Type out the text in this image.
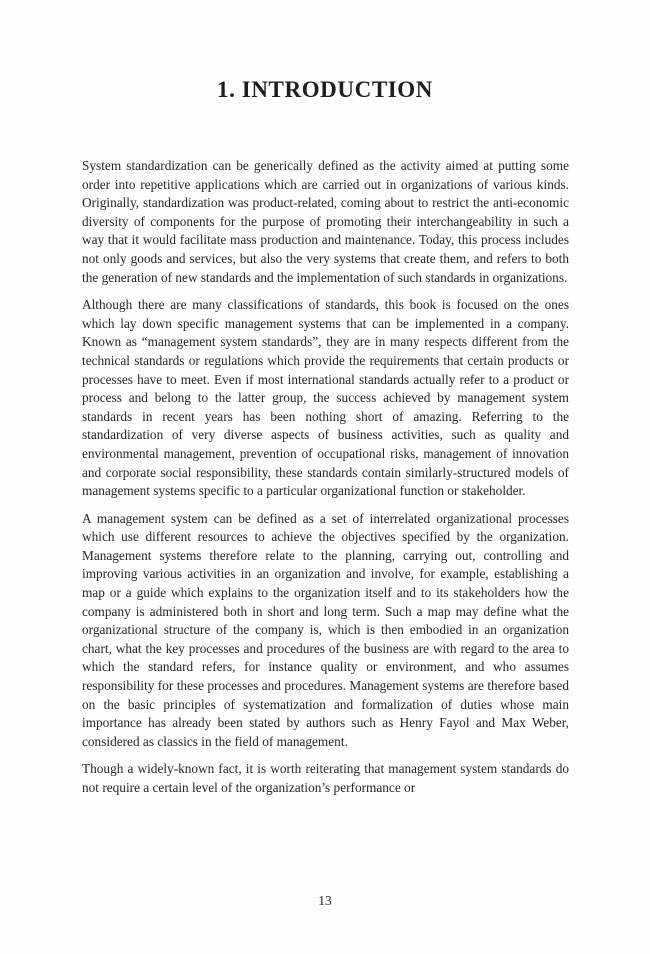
1. INTRODUCTION

System standardization can be generically defined as the activity aimed at putting some order into repetitive applications which are carried out in organizations of various kinds. Originally, standardization was product-related, coming about to restrict the anti-economic diversity of components for the purpose of promoting their interchangeability in such a way that it would facilitate mass production and maintenance. Today, this process includes not only goods and services, but also the very systems that create them, and refers to both the generation of new standards and the implementation of such standards in organizations.

Although there are many classifications of standards, this book is focused on the ones which lay down specific management systems that can be implemented in a company. Known as “management system standards”, they are in many respects different from the technical standards or regulations which provide the requirements that certain products or processes have to meet. Even if most international standards actually refer to a product or process and belong to the latter group, the success achieved by management system standards in recent years has been nothing short of amazing. Referring to the standardization of very diverse aspects of business activities, such as quality and environmental management, prevention of occupational risks, management of innovation and corporate social responsibility, these standards contain similarly-structured models of management systems specific to a particular organizational function or stakeholder.

A management system can be defined as a set of interrelated organizational processes which use different resources to achieve the objectives specified by the organization. Management systems therefore relate to the planning, carrying out, controlling and improving various activities in an organization and involve, for example, establishing a map or a guide which explains to the organization itself and to its stakeholders how the company is administered both in short and long term. Such a map may define what the organizational structure of the company is, which is then embodied in an organization chart, what the key processes and procedures of the business are with regard to the area to which the standard refers, for instance quality or environment, and who assumes responsibility for these processes and procedures. Management systems are therefore based on the basic principles of systematization and formalization of duties whose main importance has already been stated by authors such as Henry Fayol and Max Weber, considered as classics in the field of management.

Though a widely-known fact, it is worth reiterating that management system standards do not require a certain level of the organization’s performance or

13
